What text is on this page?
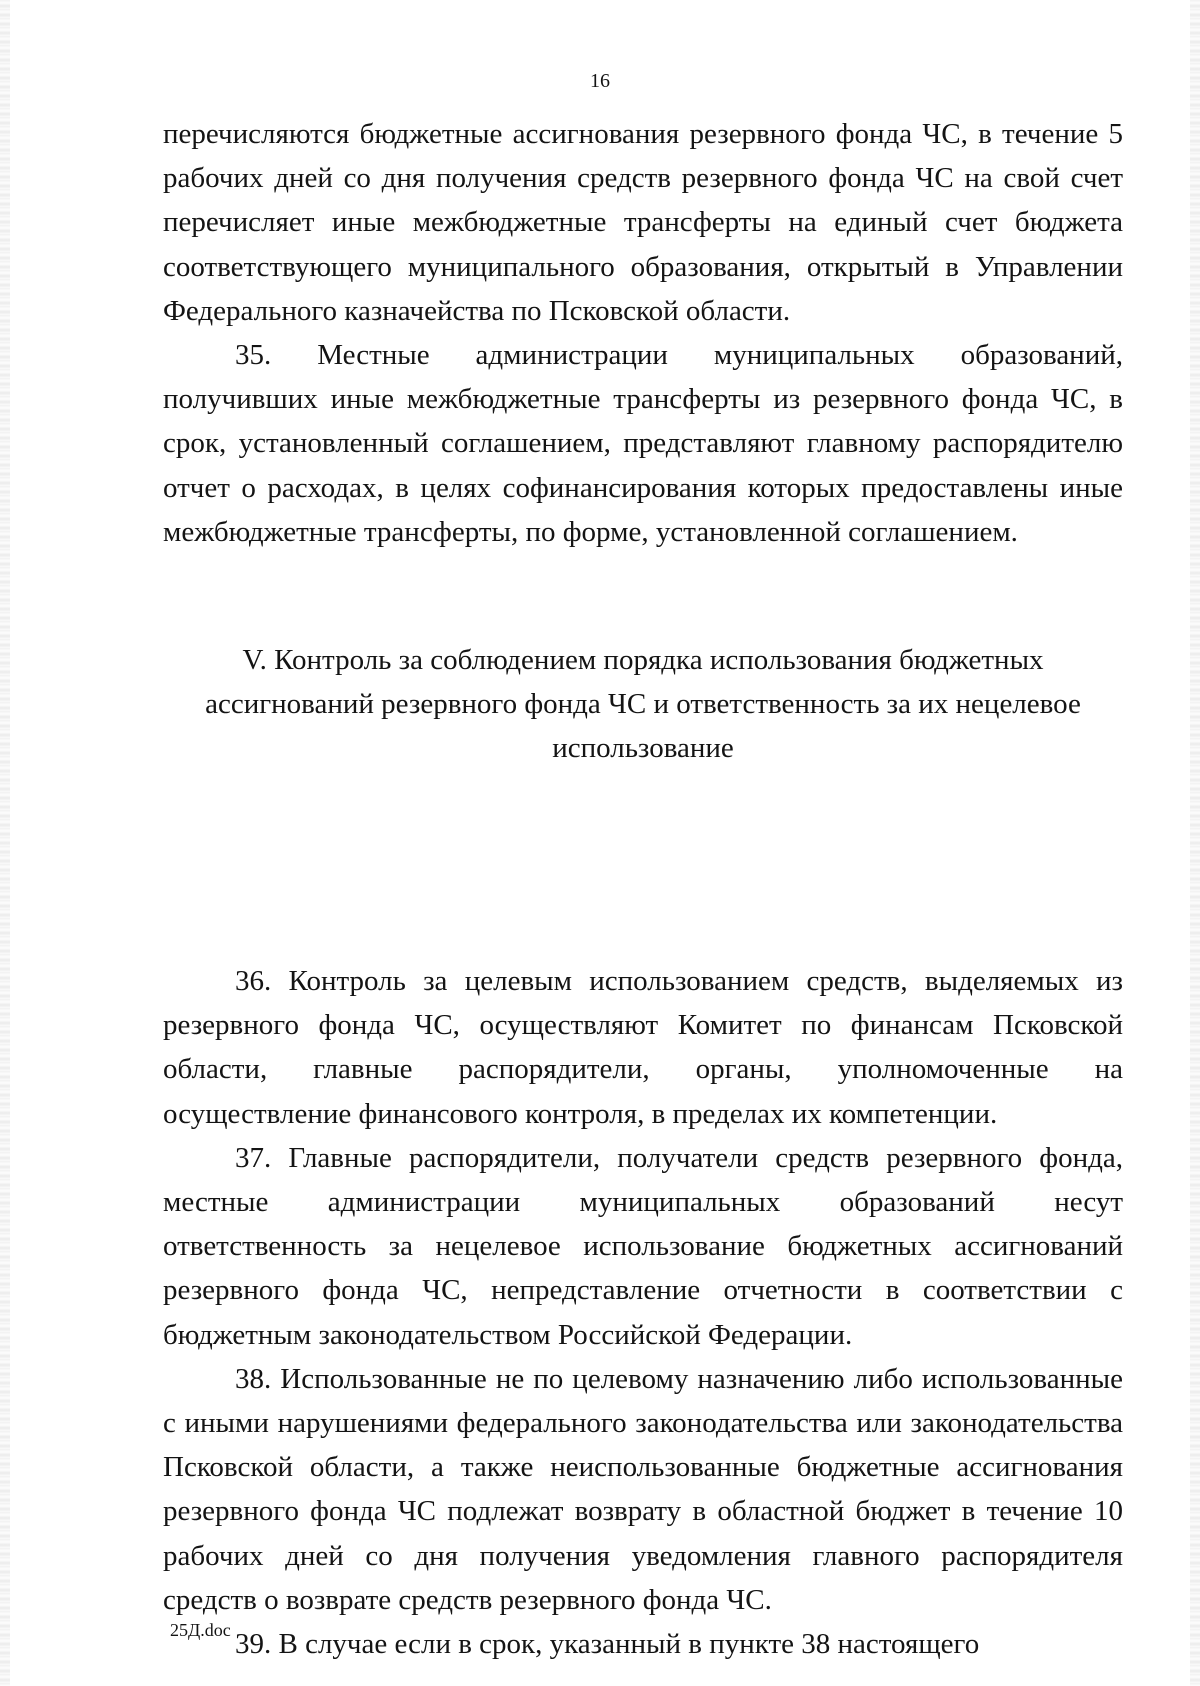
16

перечисляются бюджетные ассигнования резервного фонда ЧС, в течение 5 рабочих дней со дня получения средств резервного фонда ЧС на свой счет перечисляет иные межбюджетные трансферты на единый счет бюджета соответствующего муниципального образования, открытый в Управлении Федерального казначейства по Псковской области.

35. Местные администрации муниципальных образований, получивших иные межбюджетные трансферты из резервного фонда ЧС, в срок, установленный соглашением, представляют главному распорядителю отчет о расходах, в целях софинансирования которых предоставлены иные межбюджетные трансферты, по форме, установленной соглашением.

V. Контроль за соблюдением порядка использования бюджетных
ассигнований резервного фонда ЧС и ответственность за их нецелевое
использование

36. Контроль за целевым использованием средств, выделяемых из резервного фонда ЧС, осуществляют Комитет по финансам Псковской области, главные распорядители, органы, уполномоченные на осуществление финансового контроля, в пределах их компетенции.

37. Главные распорядители, получатели средств резервного фонда, местные администрации муниципальных образований несут ответственность за нецелевое использование бюджетных ассигнований резервного фонда ЧС, непредставление отчетности в соответствии с бюджетным законодательством Российской Федерации.

38. Использованные не по целевому назначению либо использованные с иными нарушениями федерального законодательства или законодательства Псковской области, а также неиспользованные бюджетные ассигнования резервного фонда ЧС подлежат возврату в областной бюджет в течение 10 рабочих дней со дня получения уведомления главного распорядителя средств о возврате средств резервного фонда ЧС.

39. В случае если в срок, указанный в пункте 38 настоящего

25Д.doc
